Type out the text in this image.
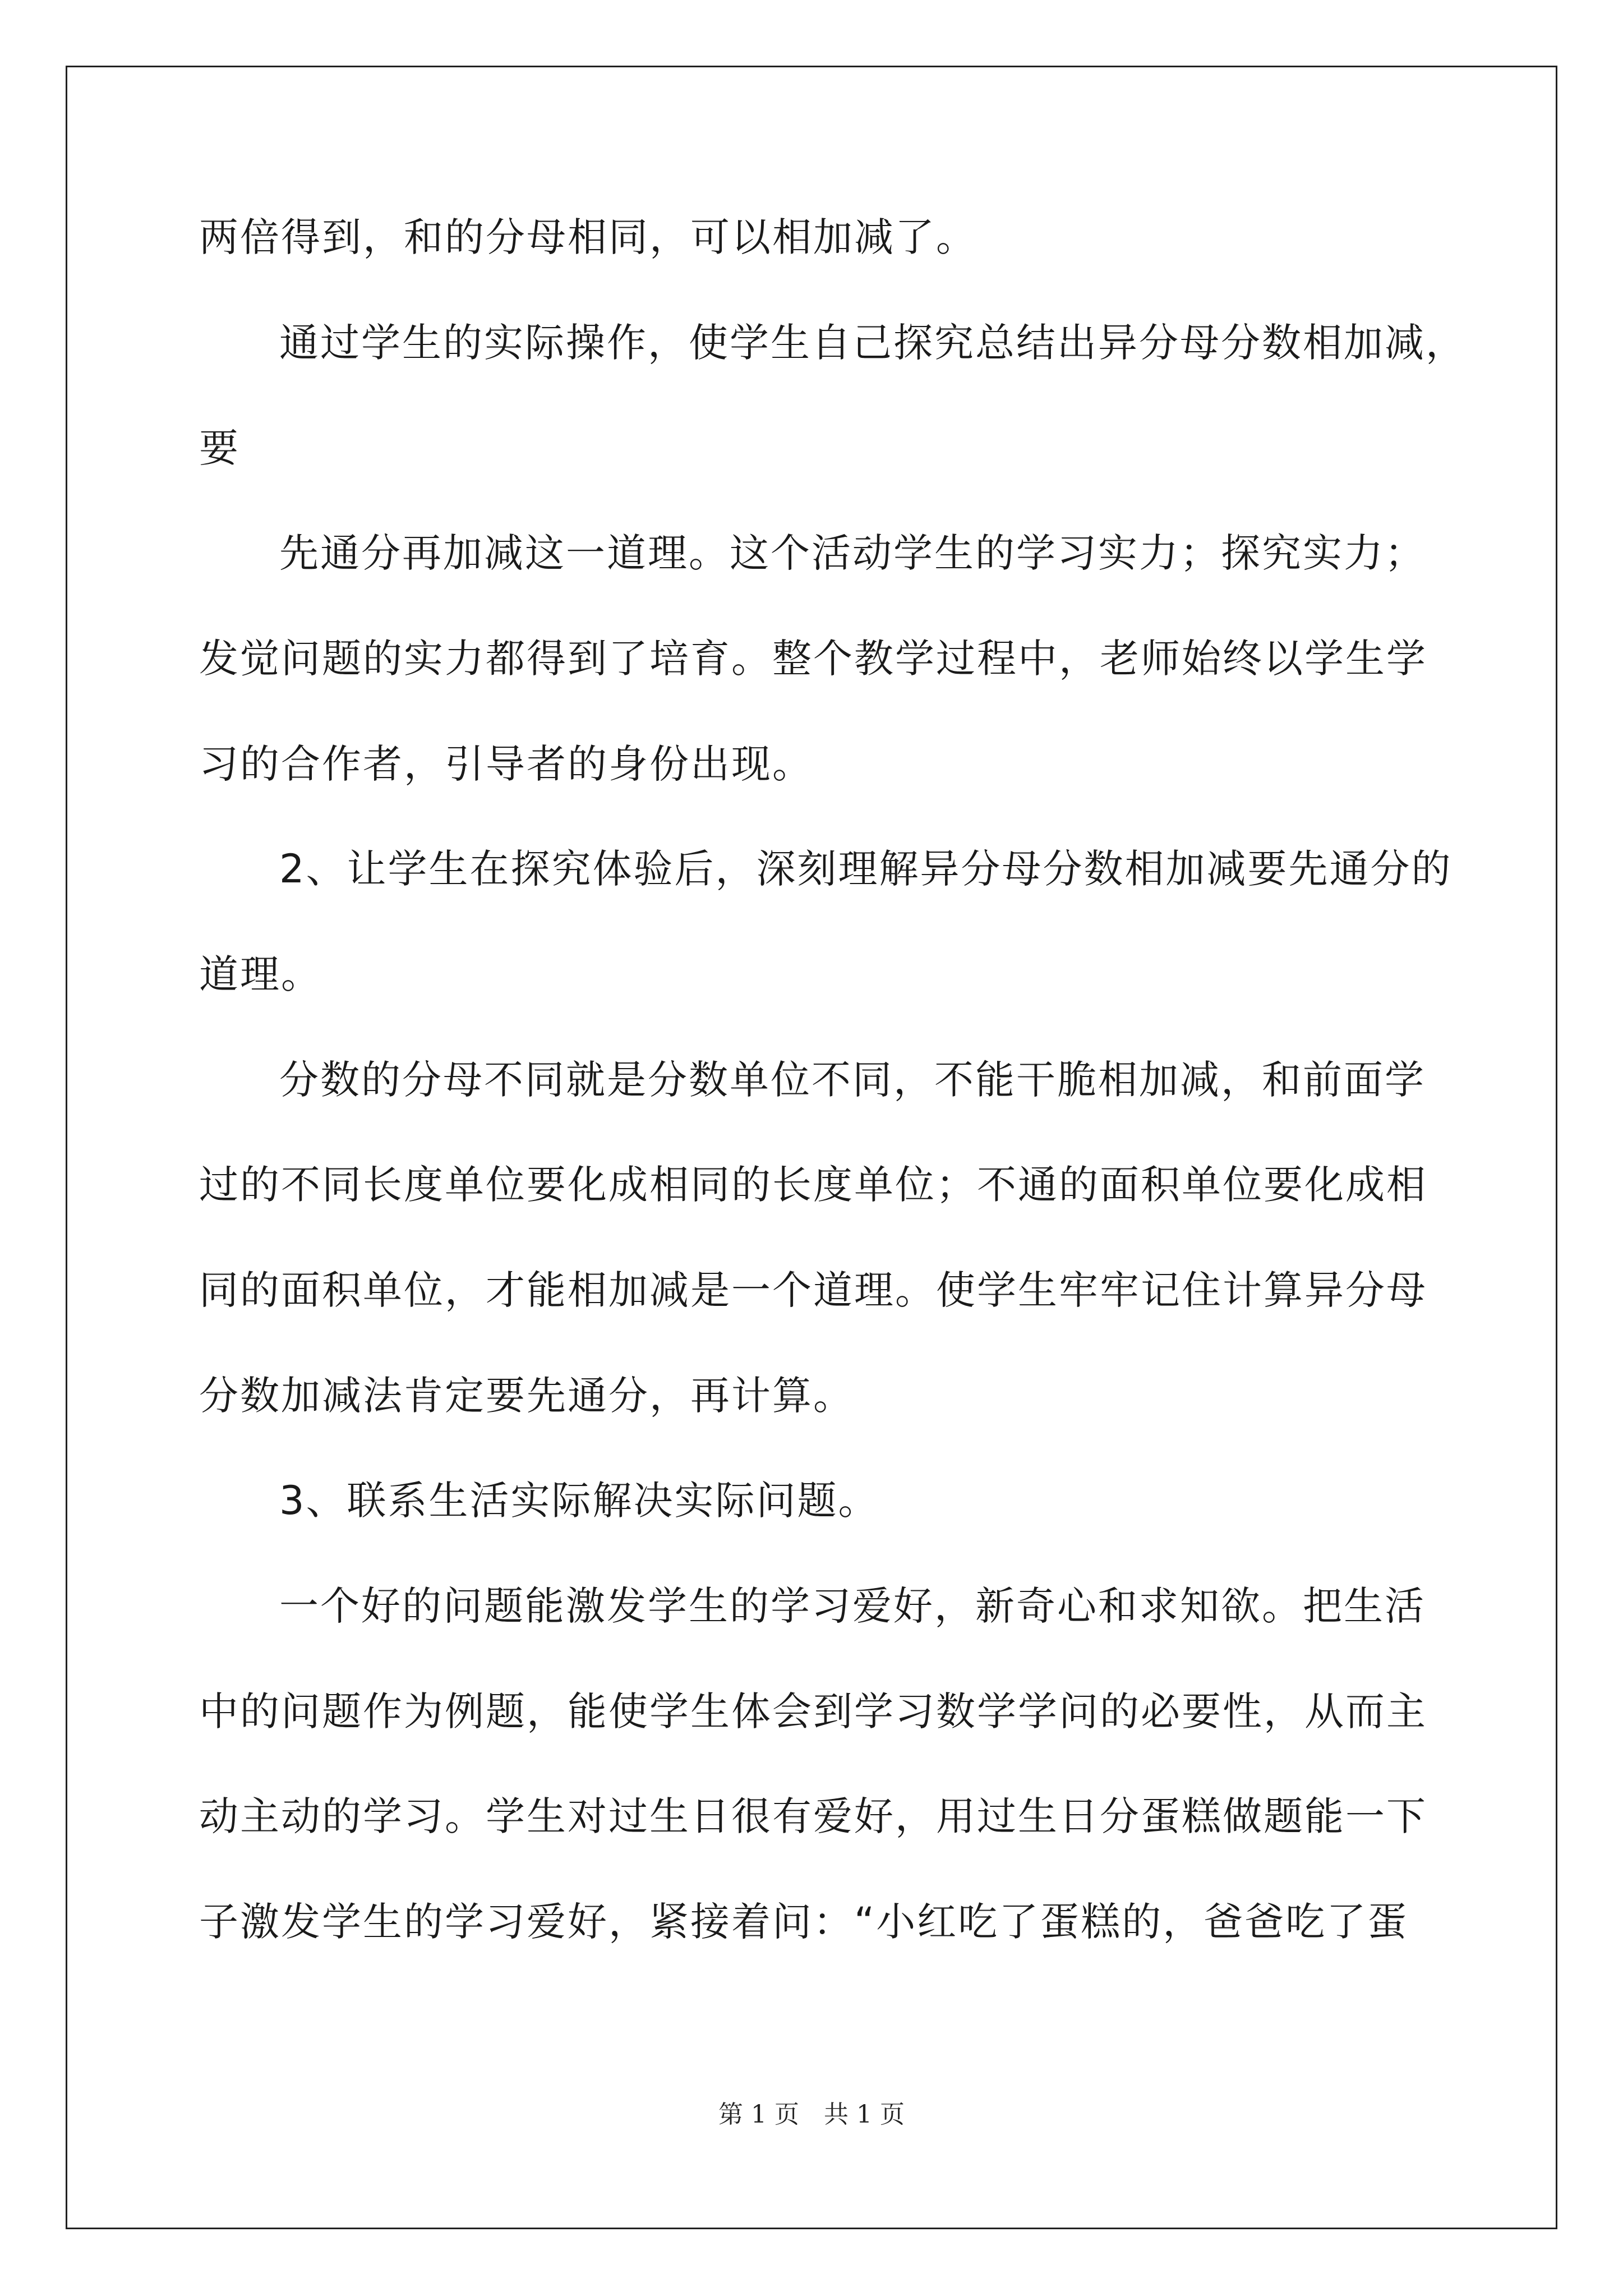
两倍得到，和的分母相同，可以相加减了。
通过学生的实际操作，使学生自己探究总结出异分母分数相加减，
要
先通分再加减这一道理。这个活动学生的学习实力；探究实力；
发觉问题的实力都得到了培育。整个教学过程中，老师始终以学生学
习的合作者，引导者的身份出现。
2、让学生在探究体验后，深刻理解异分母分数相加减要先通分的
道理。
分数的分母不同就是分数单位不同，不能干脆相加减，和前面学
过的不同长度单位要化成相同的长度单位；不通的面积单位要化成相
同的面积单位，才能相加减是一个道理。使学生牢牢记住计算异分母
分数加减法肯定要先通分，再计算。
3、联系生活实际解决实际问题。
一个好的问题能激发学生的学习爱好，新奇心和求知欲。把生活
中的问题作为例题，能使学生体会到学习数学学问的必要性，从而主
动主动的学习。学生对过生日很有爱好，用过生日分蛋糕做题能一下
子激发学生的学习爱好，紧接着问：“小红吃了蛋糕的，爸爸吃了蛋
第 1 页 共 1 页
